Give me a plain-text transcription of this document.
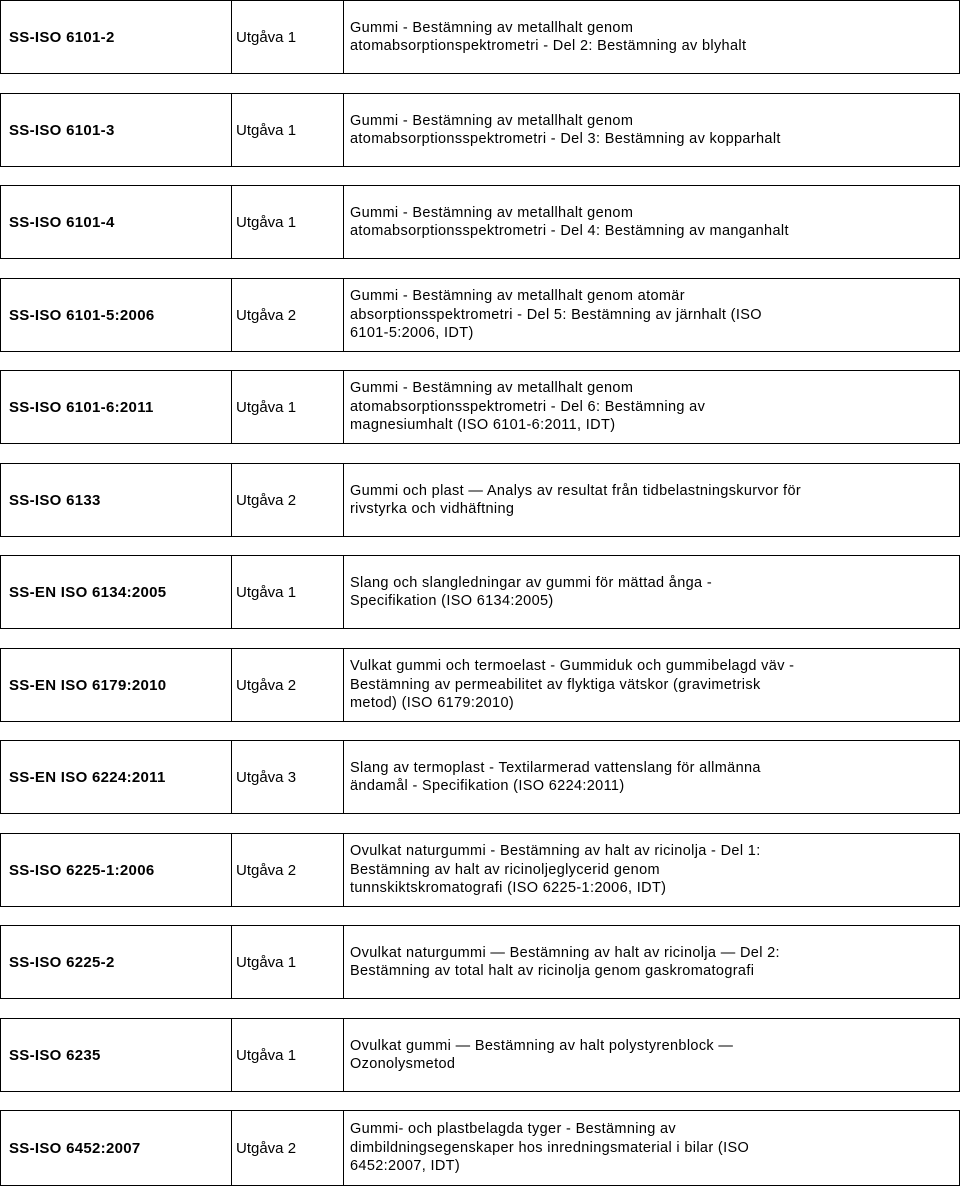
SS-ISO 6101-2	Utgåva 1
Gummi - Bestämning av metallhalt genom
atomabsorptionspektrometri - Del 2: Bestämning av blyhalt
SS-ISO 6101-3	Utgåva 1
Gummi - Bestämning av metallhalt genom
atomabsorptionsspektrometri - Del 3: Bestämning av kopparhalt
SS-ISO 6101-4	Utgåva 1
Gummi - Bestämning av metallhalt genom
atomabsorptionsspektrometri - Del 4: Bestämning av manganhalt
SS-ISO 6101-5:2006	Utgåva 2
Gummi - Bestämning av metallhalt genom atomär
absorptionsspektrometri - Del 5: Bestämning av järnhalt (ISO
6101-5:2006, IDT)
SS-ISO 6101-6:2011	Utgåva 1
Gummi - Bestämning av metallhalt genom
atomabsorptionsspektrometri - Del 6: Bestämning av
magnesiumhalt (ISO 6101-6:2011, IDT)
SS-ISO 6133	Utgåva 2
Gummi och plast — Analys av resultat från tidbelastningskurvor för
rivstyrka och vidhäftning
SS-EN ISO 6134:2005	Utgåva 1
Slang och slangledningar av gummi för mättad ånga -
Specifikation (ISO 6134:2005)
SS-EN ISO 6179:2010	Utgåva 2
Vulkat gummi och termoelast - Gummiduk och gummibelagd väv -
Bestämning av permeabilitet av flyktiga vätskor (gravimetrisk
metod) (ISO 6179:2010)
SS-EN ISO 6224:2011	Utgåva 3
Slang av termoplast - Textilarmerad vattenslang för allmänna
ändamål - Specifikation (ISO 6224:2011)
SS-ISO 6225-1:2006	Utgåva 2
Ovulkat naturgummi - Bestämning av halt av ricinolja - Del 1:
Bestämning av halt av ricinoljeglycerid genom
tunnskiktskromatografi (ISO 6225-1:2006, IDT)
SS-ISO 6225-2	Utgåva 1
Ovulkat naturgummi — Bestämning av halt av ricinolja — Del 2:
Bestämning av total halt av ricinolja genom gaskromatografi
SS-ISO 6235	Utgåva 1
Ovulkat gummi — Bestämning av halt polystyrenblock —
Ozonolysmetod
SS-ISO 6452:2007	Utgåva 2
Gummi- och plastbelagda tyger - Bestämning av
dimbildningsegenskaper hos inredningsmaterial i bilar (ISO
6452:2007, IDT)
